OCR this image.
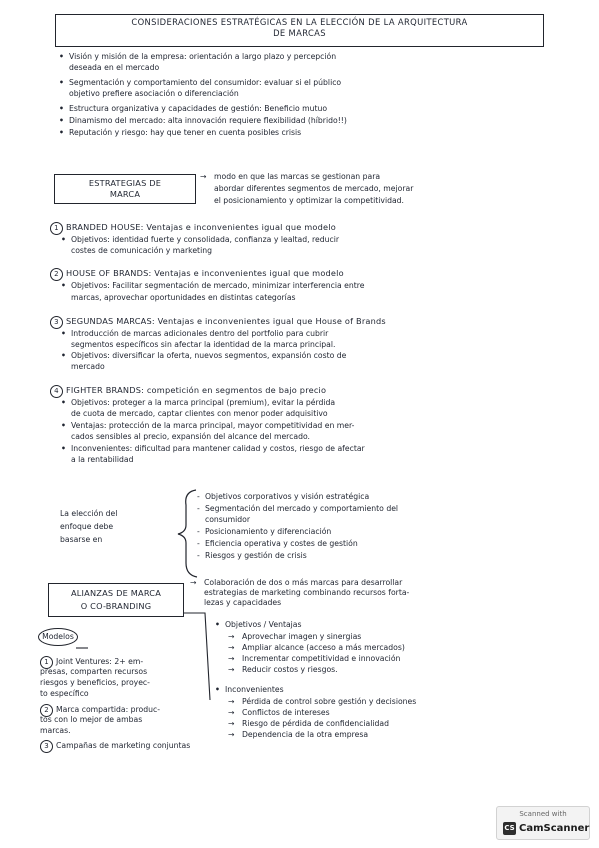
CONSIDERACIONES ESTRATÉGICAS EN LA ELECCIÓN DE LA ARQUITECTURA
DE MARCAS
• Visión y misión de la empresa: orientación a largo plazo y percepción
deseada en el mercado
• Segmentación y comportamiento del consumidor: evaluar si el público
objetivo prefiere asociación o diferenciación
• Estructura organizativa y capacidades de gestión: Beneficio mutuo
• Dinamismo del mercado: alta innovación requiere flexibilidad (híbrido!!)
• Reputación y riesgo: hay que tener en cuenta posibles crisis
ESTRATEGIAS DE
MARCA
→ modo en que las marcas se gestionan para
abordar diferentes segmentos de mercado, mejorar
el posicionamiento y optimizar la competitividad.
1 BRANDED HOUSE: Ventajas e inconvenientes igual que modelo
• Objetivos: identidad fuerte y consolidada, confianza y lealtad, reducir
costes de comunicación y marketing
2 HOUSE OF BRANDS: Ventajas e inconvenientes igual que modelo
• Objetivos: Facilitar segmentación de mercado, minimizar interferencia entre
marcas, aprovechar oportunidades en distintas categorías
3 SEGUNDAS MARCAS: Ventajas e inconvenientes igual que House of Brands
• Introducción de marcas adicionales dentro del portfolio para cubrir
segmentos específicos sin afectar la identidad de la marca principal.
• Objetivos: diversificar la oferta, nuevos segmentos, expansión costo de
mercado
4 FIGHTER BRANDS: competición en segmentos de bajo precio
• Objetivos: proteger a la marca principal (premium), evitar la pérdida
de cuota de mercado, captar clientes con menor poder adquisitivo
• Ventajas: protección de la marca principal, mayor competitividad en mer-
cados sensibles al precio, expansión del alcance del mercado.
• Inconvenientes: dificultad para mantener calidad y costos, riesgo de afectar
a la rentabilidad
La elección del
enfoque debe
basarse en
- Objetivos corporativos y visión estratégica
- Segmentación del mercado y comportamiento del
consumidor
- Posicionamiento y diferenciación
- Eficiencia operativa y costes de gestión
- Riesgos y gestión de crisis
ALIANZAS DE MARCA
O CO-BRANDING
→ Colaboración de dos o más marcas para desarrollar
estrategias de marketing combinando recursos forta-
lezas y capacidades
• Objetivos / Ventajas
→ Aprovechar imagen y sinergias
→ Ampliar alcance (acceso a más mercados)
→ Incrementar competitividad e innovación
→ Reducir costos y riesgos.
• Inconvenientes
→ Pérdida de control sobre gestión y decisiones
→ Conflictos de intereses
→ Riesgo de pérdida de confidencialidad
→ Dependencia de la otra empresa
Modelos
1 Joint Ventures: 2+ em-
presas, comparten recursos
riesgos y beneficios, proyec-
to específico
2 Marca compartida: produc-
tos con lo mejor de ambas
marcas.
3 Campañas de marketing conjuntas
Scanned with
CS CamScanner
